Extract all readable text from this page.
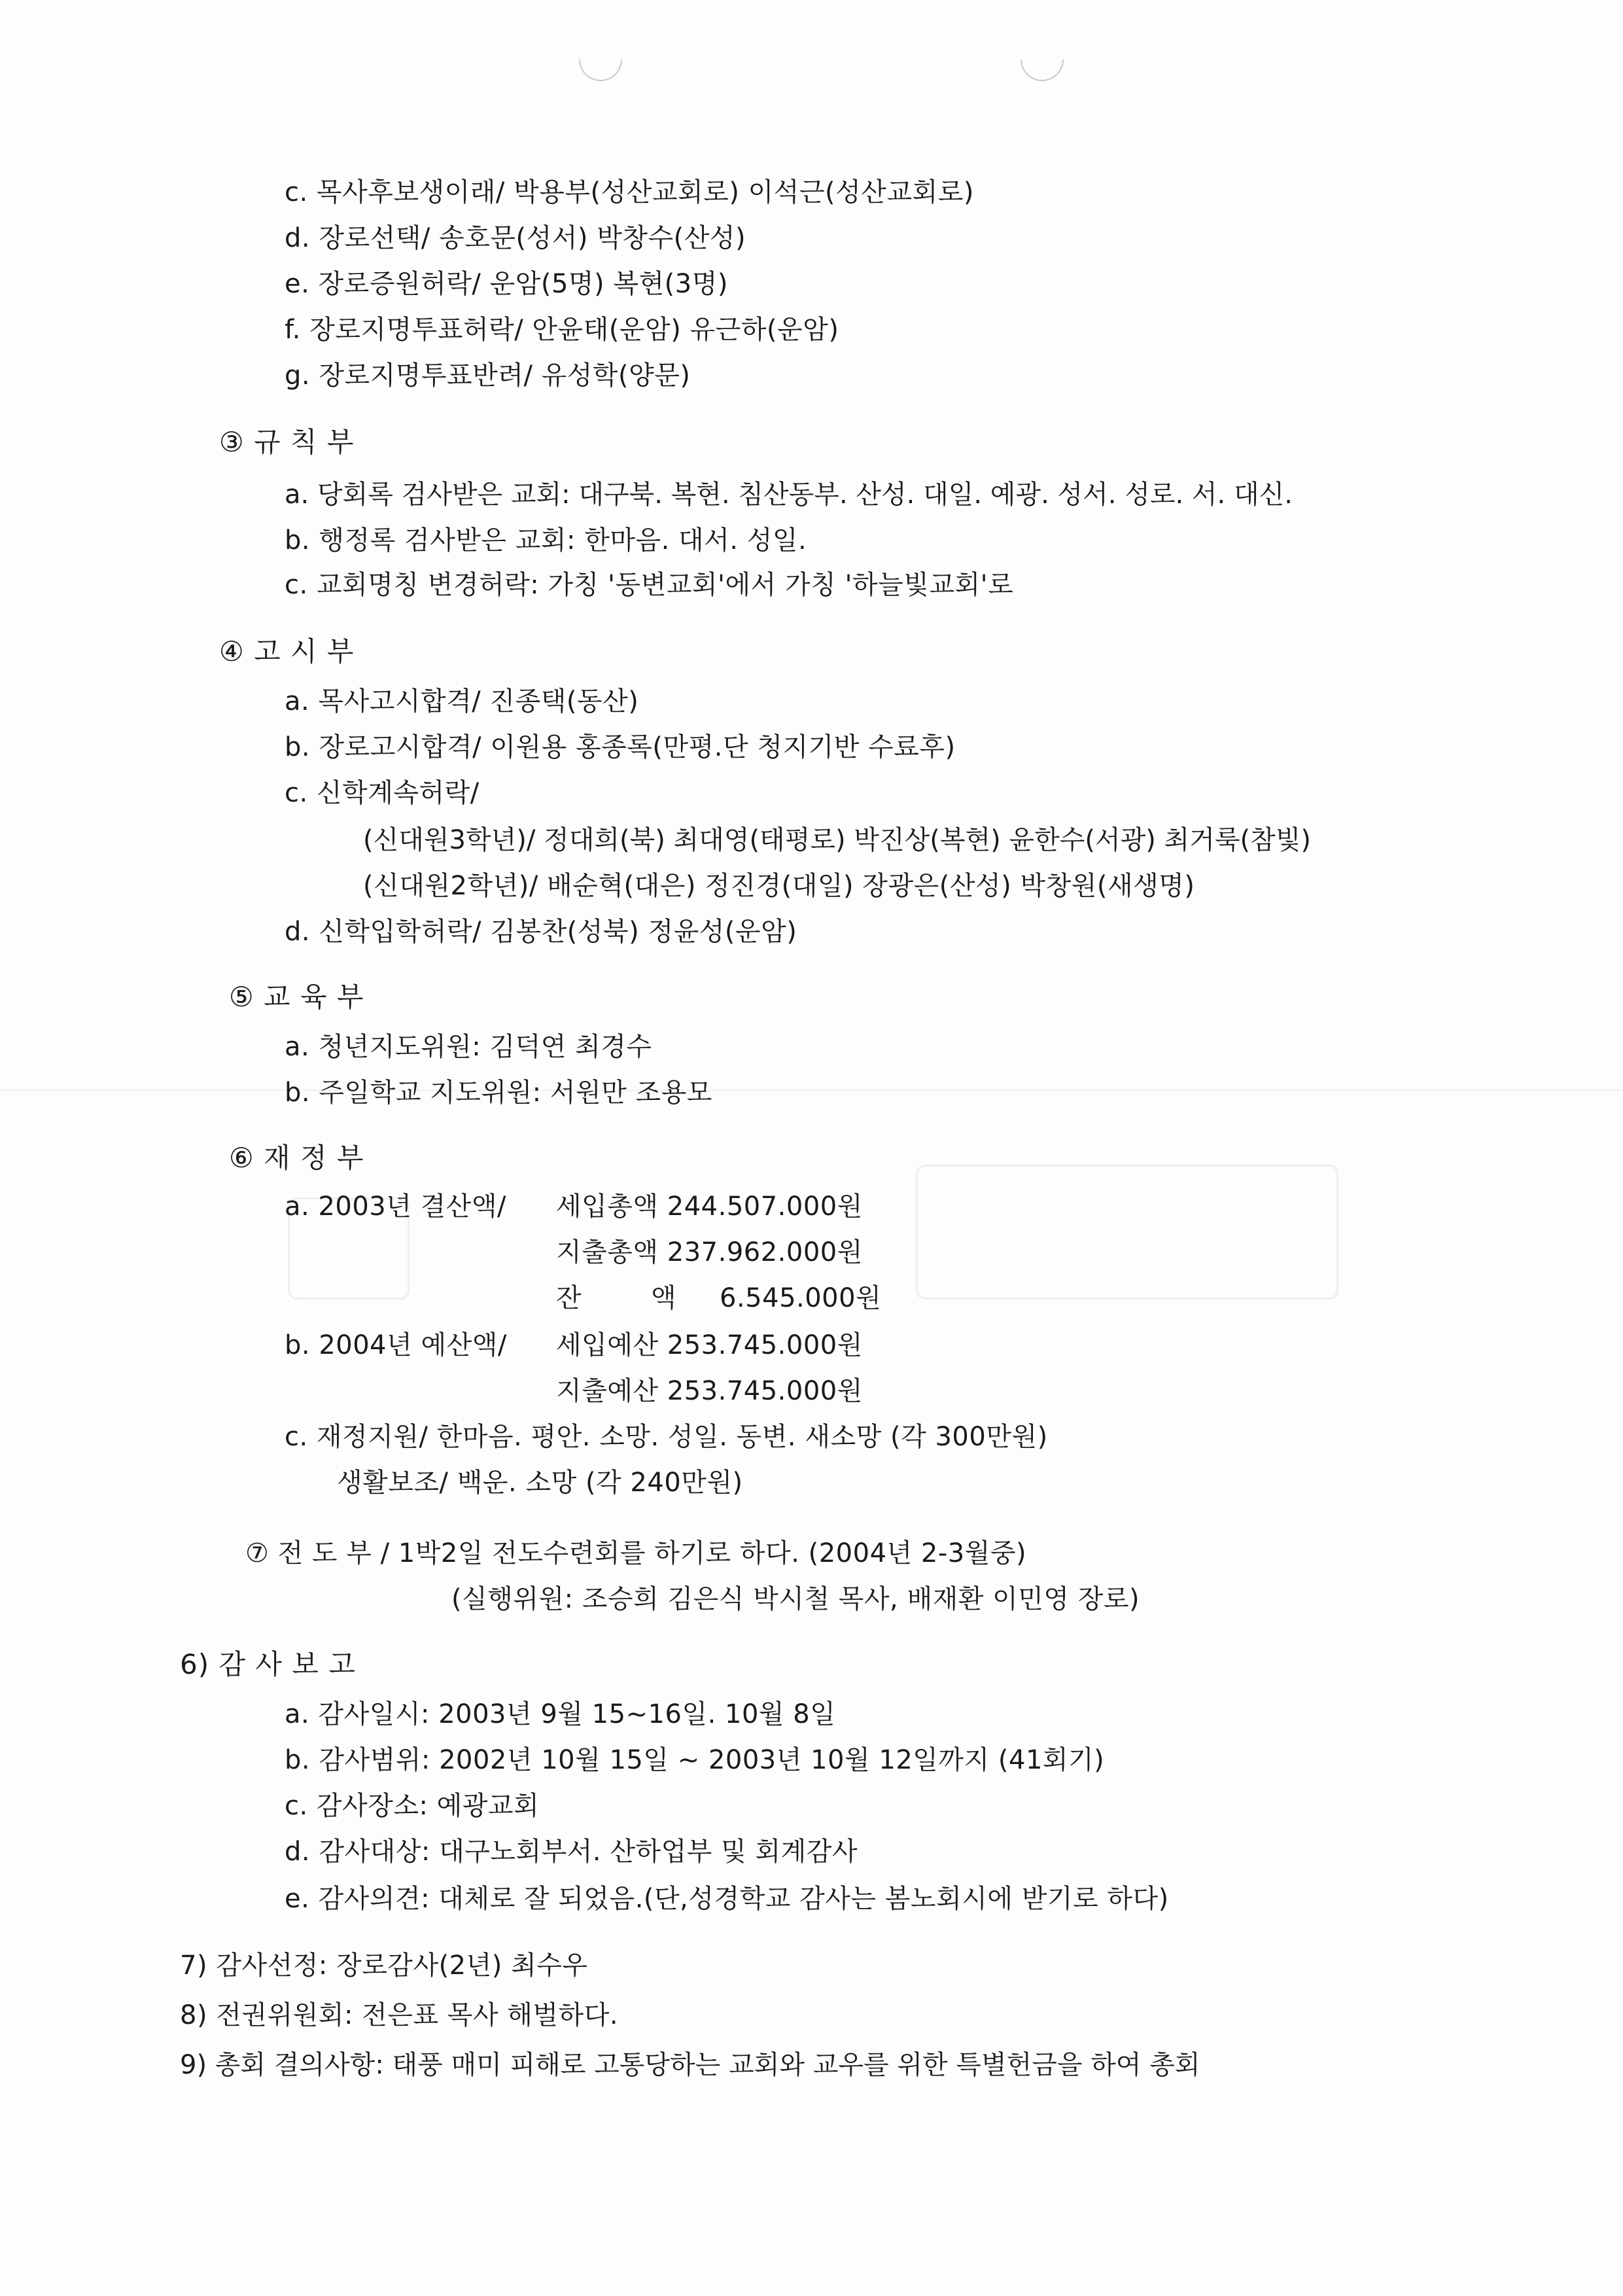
c. 목사후보생이래/ 박용부(성산교회로) 이석근(성산교회로)
d. 장로선택/ 송호문(성서) 박창수(산성)
e. 장로증원허락/ 운암(5명) 복현(3명)
f. 장로지명투표허락/ 안윤태(운암) 유근하(운암)
g. 장로지명투표반려/ 유성학(양문)
③ 규 칙 부
a. 당회록 검사받은 교회: 대구북. 복현. 침산동부. 산성. 대일. 예광. 성서. 성로. 서. 대신.
b. 행정록 검사받은 교회: 한마음. 대서. 성일.
c. 교회명칭 변경허락: 가칭 '동변교회'에서 가칭 '하늘빛교회'로
④ 고 시 부
a. 목사고시합격/ 진종택(동산)
b. 장로고시합격/ 이원용 홍종록(만평.단 청지기반 수료후)
c. 신학계속허락/
(신대원3학년)/ 정대희(북) 최대영(태평로) 박진상(복현) 윤한수(서광) 최거룩(참빛)
(신대원2학년)/ 배순혁(대은) 정진경(대일) 장광은(산성) 박창원(새생명)
d. 신학입학허락/ 김봉찬(성북) 정윤성(운암)
⑤ 교 육 부
a. 청년지도위원: 김덕연 최경수
b. 주일학교 지도위원: 서원만 조용모
⑥ 재 정 부
a. 2003년 결산액/ 세입총액 244.507.000원
지출총액 237.962.000원
잔        액 6.545.000원
b. 2004년 예산액/ 세입예산 253.745.000원
지출예산 253.745.000원
c. 재정지원/ 한마음. 평안. 소망. 성일. 동변. 새소망 (각 300만원)
생활보조/ 백운. 소망 (각 240만원)
⑦ 전 도 부 / 1박2일 전도수련회를 하기로 하다. (2004년 2-3월중)
(실행위원: 조승희 김은식 박시철 목사, 배재환 이민영 장로)
6) 감 사 보 고
a. 감사일시: 2003년 9월 15~16일. 10월 8일
b. 감사범위: 2002년 10월 15일 ~ 2003년 10월 12일까지 (41회기)
c. 감사장소: 예광교회
d. 감사대상: 대구노회부서. 산하업부 및 회계감사
e. 감사의견: 대체로 잘 되었음.(단,성경학교 감사는 봄노회시에 받기로 하다)
7) 감사선정: 장로감사(2년) 최수우
8) 전권위원회: 전은표 목사 해벌하다.
9) 총회 결의사항: 태풍 매미 피해로 고통당하는 교회와 교우를 위한 특별헌금을 하여 총회
